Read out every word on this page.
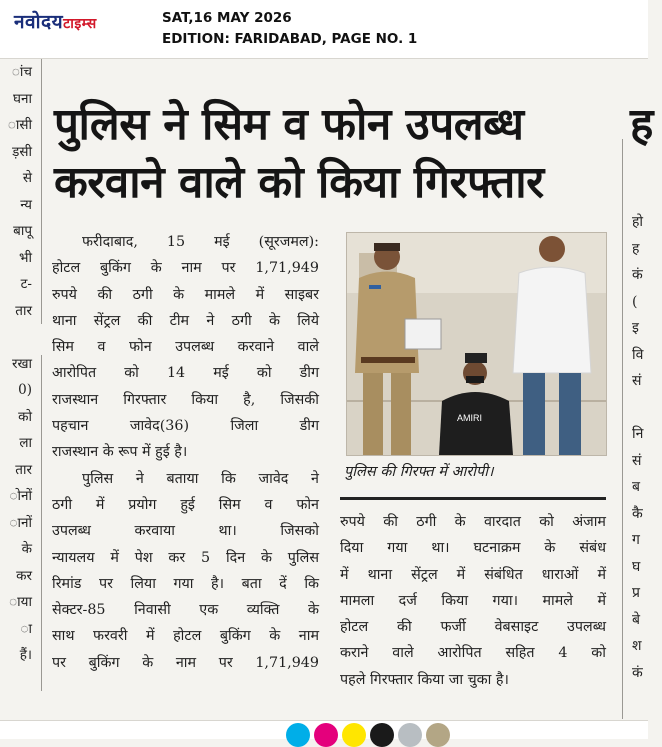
नवोदयटाइम्स	SAT,16 MAY 2026
EDITION: FARIDABAD, PAGE NO. 1
ांच
घना
ासी
ड़सी
से
न्य
बापू
भी
ट-
तार
रखा
0)
को
ला
तार
ोनों
ानों
के
कर
ाया
ा
हैं।
हो
ह
कं
(
इ
वि
सं
नि
सं
ब
कै
ग
घ
प्र
बे
श
कं
पुलिस ने सिम व फोन उपलब्ध
करवाने वाले को किया गिरफ्तार
ह
फरीदाबाद, 15 मई (सूरजमल):
होटल बुकिंग के नाम पर 1,71,949
रुपये की ठगी के मामले में साइबर
थाना सेंट्रल की टीम ने ठगी के लिये
सिम व फोन उपलब्ध करवाने वाले
आरोपित को 14 मई को डीग
राजस्थान गिरफ्तार किया है, जिसकी
पहचान जावेद(36) जिला डीग
राजस्थान के रूप में हुई है।
पुलिस ने बताया कि जावेद ने
ठगी में प्रयोग हुई सिम व फोन
उपलब्ध करवाया था। जिसको
न्यायलय में पेश कर 5 दिन के पुलिस
रिमांड पर लिया गया है। बता दें कि
सेक्टर-85 निवासी एक व्यक्ति के
साथ फरवरी में होटल बुकिंग के नाम
पर बुकिंग के नाम पर 1,71,949
AMIRI
पुलिस की गिरफ्त में आरोपी।
रुपये की ठगी के वारदात को अंजाम
दिया गया था। घटनाक्रम के संबंध
में थाना सेंट्रल में संबंधित धाराओं में
मामला दर्ज किया गया। मामले में
होटल की फर्जी वेबसाइट उपलब्ध
कराने वाले आरोपित सहित 4 को
पहले गिरफ्तार किया जा चुका है।
